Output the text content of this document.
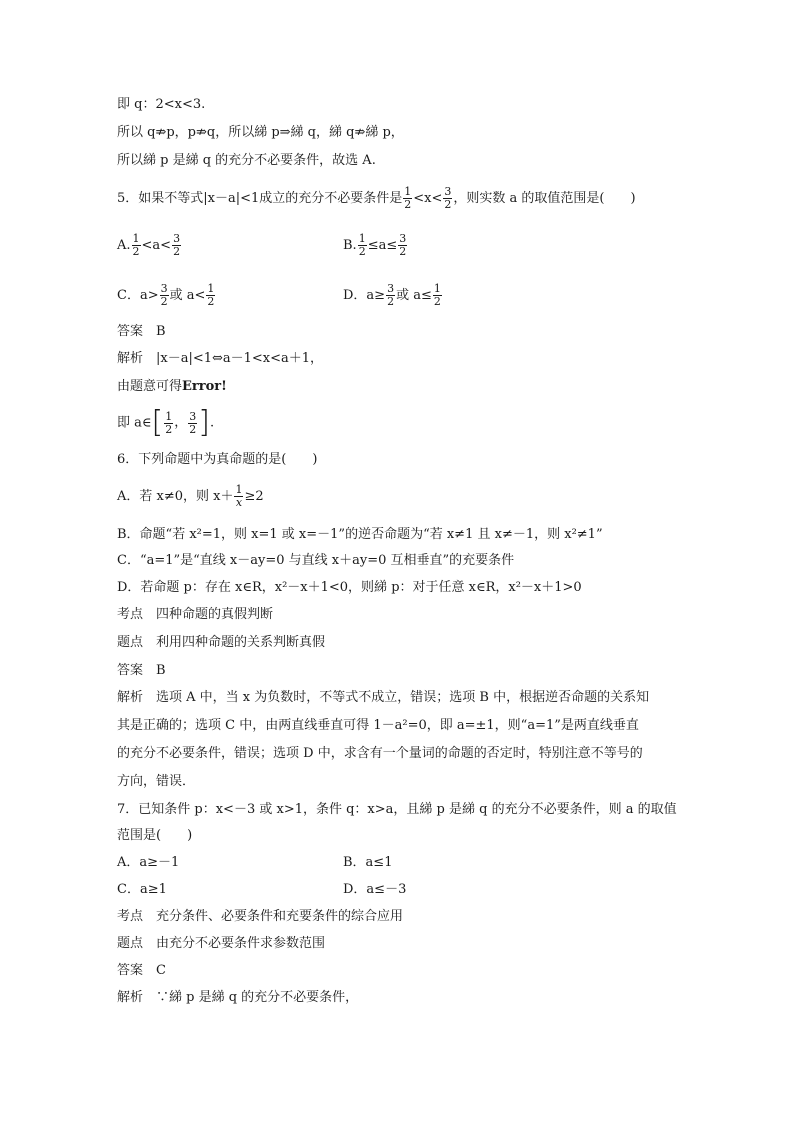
即 q：2<x<3.
所以 q⇏p，p⇏q，所以綈 p⇒綈 q，綈 q⇏綈 p，
所以綈 p 是綈 q 的充分不必要条件，故选 A.
5．如果不等式|x－a|<1成立的充分不必要条件是 $\frac{1}{2} <x< \frac{3}{2}$ ，则实数 a 的取值范围是(　　)
A. $\frac{1}{2} <a< \frac{3}{2}$	B. $\frac{1}{2} \le a\le \frac{3}{2}$
C．$a> \frac{3}{2}$ 或 $a< \frac{1}{2}$	D．$a\ge \frac{3}{2}$ 或 $a\le \frac{1}{2}$
答案　B
解析　|x－a|<1⇔a－1<x<a＋1，
由题意可得Error!
即 a∈ [ $\frac{1}{2}$ ， $\frac{3}{2}$ ] .
6．下列命题中为真命题的是(　　)
A．若 x≠0，则 $x+ \frac{1}{x} \ge 2$
B．命题“若 x²=1，则 x=1 或 x=－1”的逆否命题为“若 x≠1 且 x≠－1，则 x²≠1”
C．“a=1”是“直线 x－ay=0 与直线 x＋ay=0 互相垂直”的充要条件
D．若命题 p：存在 x∈R，x²－x＋1<0，则綈 p：对于任意 x∈R，x²－x＋1>0
考点　四种命题的真假判断
题点　利用四种命题的关系判断真假
答案　B
解析　选项 A 中，当 x 为负数时，不等式不成立，错误；选项 B 中，根据逆否命题的关系知
其是正确的；选项 C 中，由两直线垂直可得 1－a²=0，即 a=±1，则“a=1”是两直线垂直
的充分不必要条件，错误；选项 D 中，求含有一个量词的命题的否定时，特别注意不等号的
方向，错误．
7．已知条件 p：x<－3 或 x>1，条件 q：x>a，且綈 p 是綈 q 的充分不必要条件，则 a 的取值
范围是(　　)
A．a≥－1	B．a≤1
C．a≥1	D．a≤－3
考点　充分条件、必要条件和充要条件的综合应用
题点　由充分不必要条件求参数范围
答案　C
解析　∵綈 p 是綈 q 的充分不必要条件，
